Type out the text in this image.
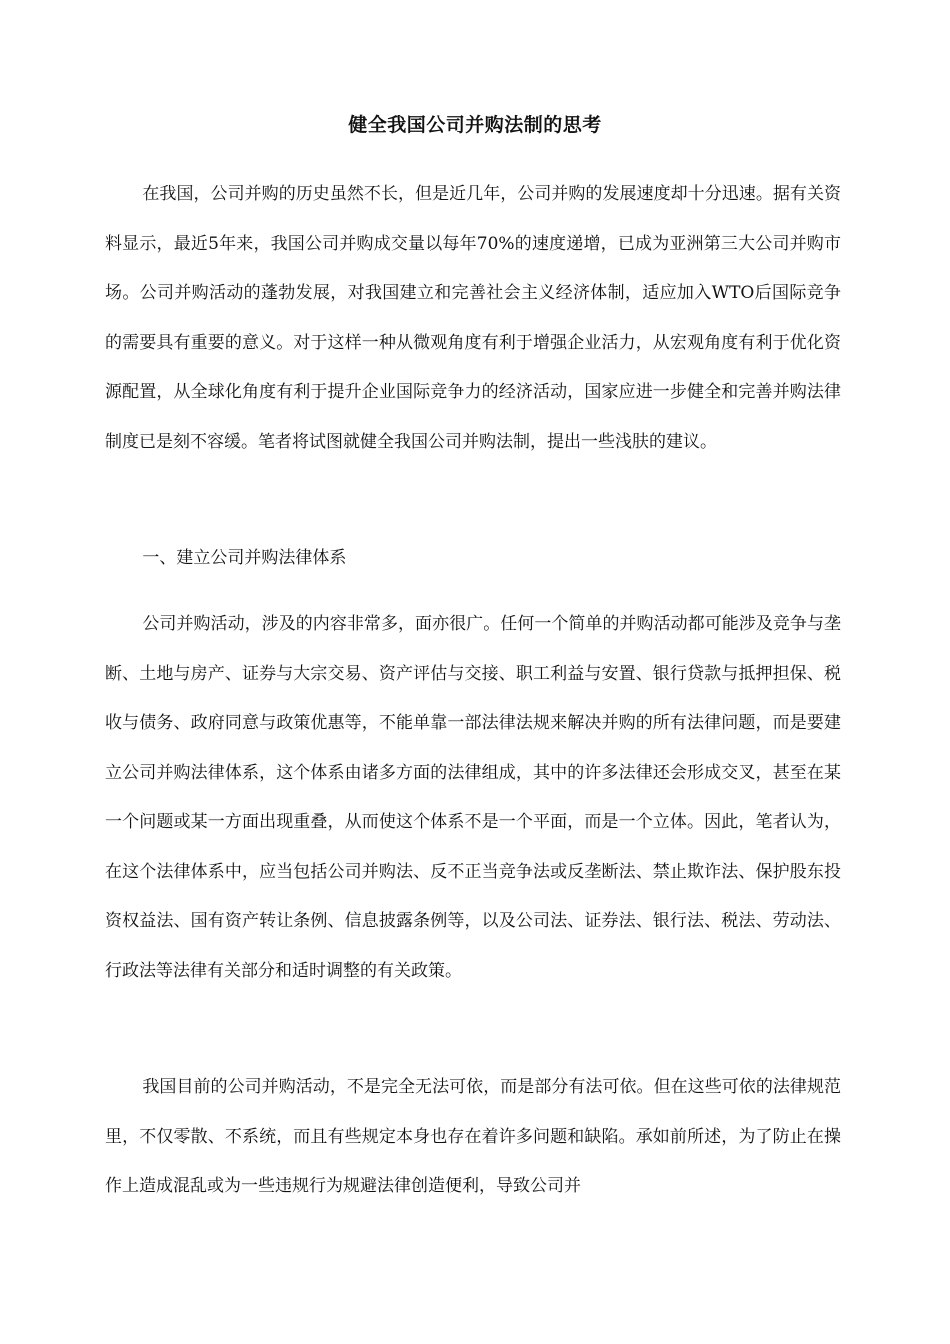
健全我国公司并购法制的思考
在我国，公司并购的历史虽然不长，但是近几年，公司并购的发展速度却十分迅速。据有关资料显示，最近5年来，我国公司并购成交量以每年70%的速度递增，已成为亚洲第三大公司并购市场。公司并购活动的蓬勃发展，对我国建立和完善社会主义经济体制，适应加入WTO后国际竞争的需要具有重要的意义。对于这样一种从微观角度有利于增强企业活力，从宏观角度有利于优化资源配置，从全球化角度有利于提升企业国际竞争力的经济活动，国家应进一步健全和完善并购法律制度已是刻不容缓。笔者将试图就健全我国公司并购法制，提出一些浅肤的建议。
一、建立公司并购法律体系
公司并购活动，涉及的内容非常多，面亦很广。任何一个简单的并购活动都可能涉及竞争与垄断、土地与房产、证券与大宗交易、资产评估与交接、职工利益与安置、银行贷款与抵押担保、税收与债务、政府同意与政策优惠等，不能单靠一部法律法规来解决并购的所有法律问题，而是要建立公司并购法律体系，这个体系由诸多方面的法律组成，其中的许多法律还会形成交叉，甚至在某一个问题或某一方面出现重叠，从而使这个体系不是一个平面，而是一个立体。因此，笔者认为，在这个法律体系中，应当包括公司并购法、反不正当竞争法或反垄断法、禁止欺诈法、保护股东投资权益法、国有资产转让条例、信息披露条例等，以及公司法、证券法、银行法、税法、劳动法、行政法等法律有关部分和适时调整的有关政策。
我国目前的公司并购活动，不是完全无法可依，而是部分有法可依。但在这些可依的法律规范里，不仅零散、不系统，而且有些规定本身也存在着许多问题和缺陷。承如前所述，为了防止在操作上造成混乱或为一些违规行为规避法律创造便利，导致公司并
